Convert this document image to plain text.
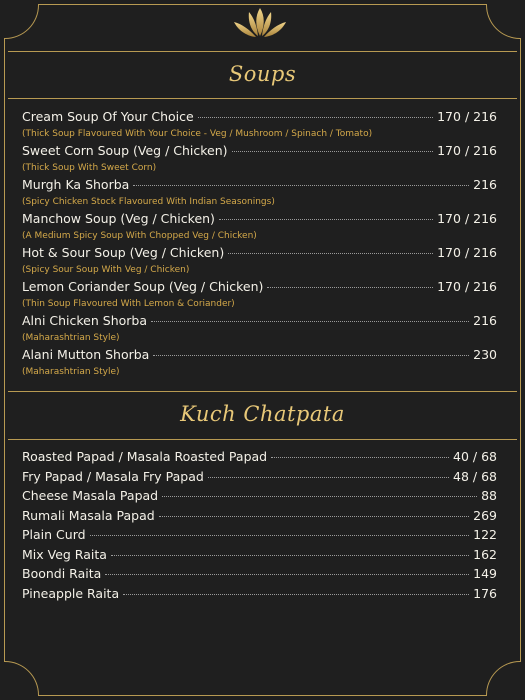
Soups
Cream Soup Of Your Choice	170 / 216
(Thick Soup Flavoured With Your Choice - Veg / Mushroom / Spinach / Tomato)
Sweet Corn Soup (Veg / Chicken)	170 / 216
(Thick Soup With Sweet Corn)
Murgh Ka Shorba	216
(Spicy Chicken Stock Flavoured With Indian Seasonings)
Manchow Soup (Veg / Chicken)	170 / 216
(A Medium Spicy Soup With Chopped Veg / Chicken)
Hot & Sour Soup (Veg / Chicken)	170 / 216
(Spicy Sour Soup With Veg / Chicken)
Lemon Coriander Soup (Veg / Chicken)	170 / 216
(Thin Soup Flavoured With Lemon & Coriander)
Alni Chicken Shorba	216
(Maharashtrian Style)
Alani Mutton Shorba	230
(Maharashtrian Style)
Kuch Chatpata
Roasted Papad / Masala Roasted Papad	40 / 68
Fry Papad / Masala Fry Papad	48 / 68
Cheese Masala Papad	88
Rumali Masala Papad	269
Plain Curd	122
Mix Veg Raita	162
Boondi Raita	149
Pineapple Raita	176
